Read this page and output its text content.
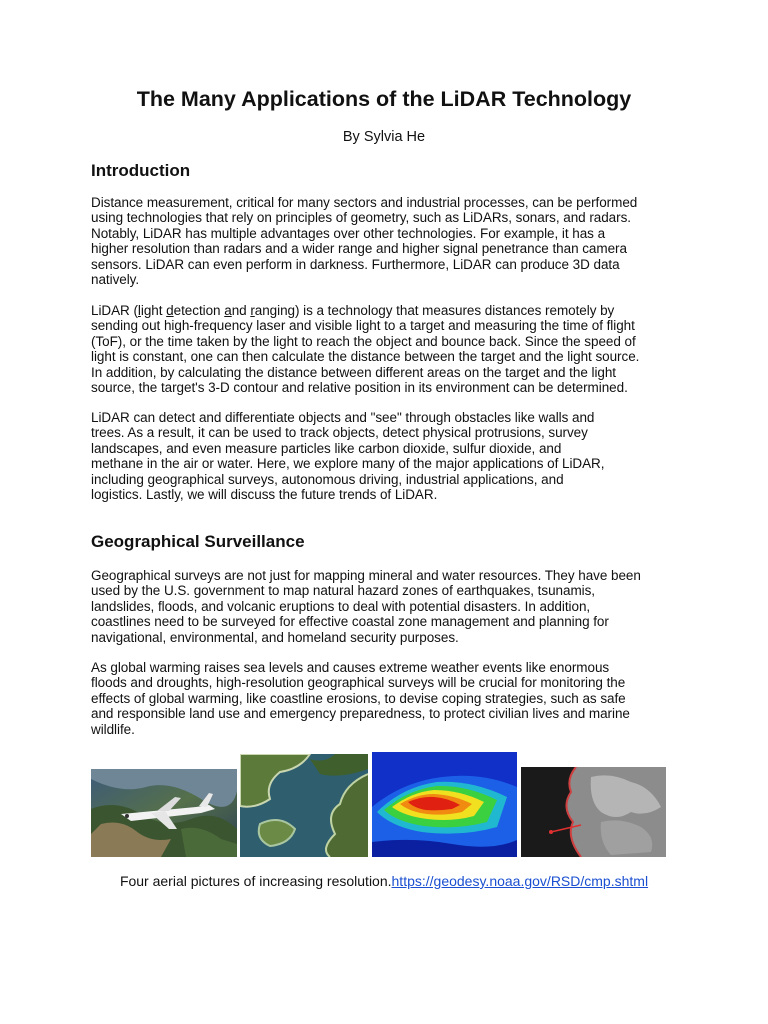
The Many Applications of the LiDAR Technology

By Sylvia He

Introduction
Distance measurement, critical for many sectors and industrial processes, can be performed
using technologies that rely on principles of geometry, such as LiDARs, sonars, and radars.
Notably, LiDAR has multiple advantages over other technologies. For example, it has a
higher resolution than radars and a wider range and higher signal penetrance than camera
sensors. LiDAR can even perform in darkness. Furthermore, LiDAR can produce 3D data
natively.
LiDAR (light detection and ranging) is a technology that measures distances remotely by
sending out high-frequency laser and visible light to a target and measuring the time of flight
(ToF), or the time taken by the light to reach the object and bounce back. Since the speed of
light is constant, one can then calculate the distance between the target and the light source.
In addition, by calculating the distance between different areas on the target and the light
source, the target's 3-D contour and relative position in its environment can be determined.
LiDAR can detect and differentiate objects and "see" through obstacles like walls and
trees. As a result, it can be used to track objects, detect physical protrusions, survey
landscapes, and even measure particles like carbon dioxide, sulfur dioxide, and
methane in the air or water. Here, we explore many of the major applications of LiDAR,
including geographical surveys, autonomous driving, industrial applications, and
logistics. Lastly, we will discuss the future trends of LiDAR.
Geographical Surveillance
Geographical surveys are not just for mapping mineral and water resources. They have been
used by the U.S. government to map natural hazard zones of earthquakes, tsunamis,
landslides, floods, and volcanic eruptions to deal with potential disasters. In addition,
coastlines need to be surveyed for effective coastal zone management and planning for
navigational, environmental, and homeland security purposes.
As global warming raises sea levels and causes extreme weather events like enormous
floods and droughts, high-resolution geographical surveys will be crucial for monitoring the
effects of global warming, like coastline erosions, to devise coping strategies, such as safe
and responsible land use and emergency preparedness, to protect civilian lives and marine
wildlife.

Four aerial pictures of increasing resolution.https://geodesy.noaa.gov/RSD/cmp.shtml
